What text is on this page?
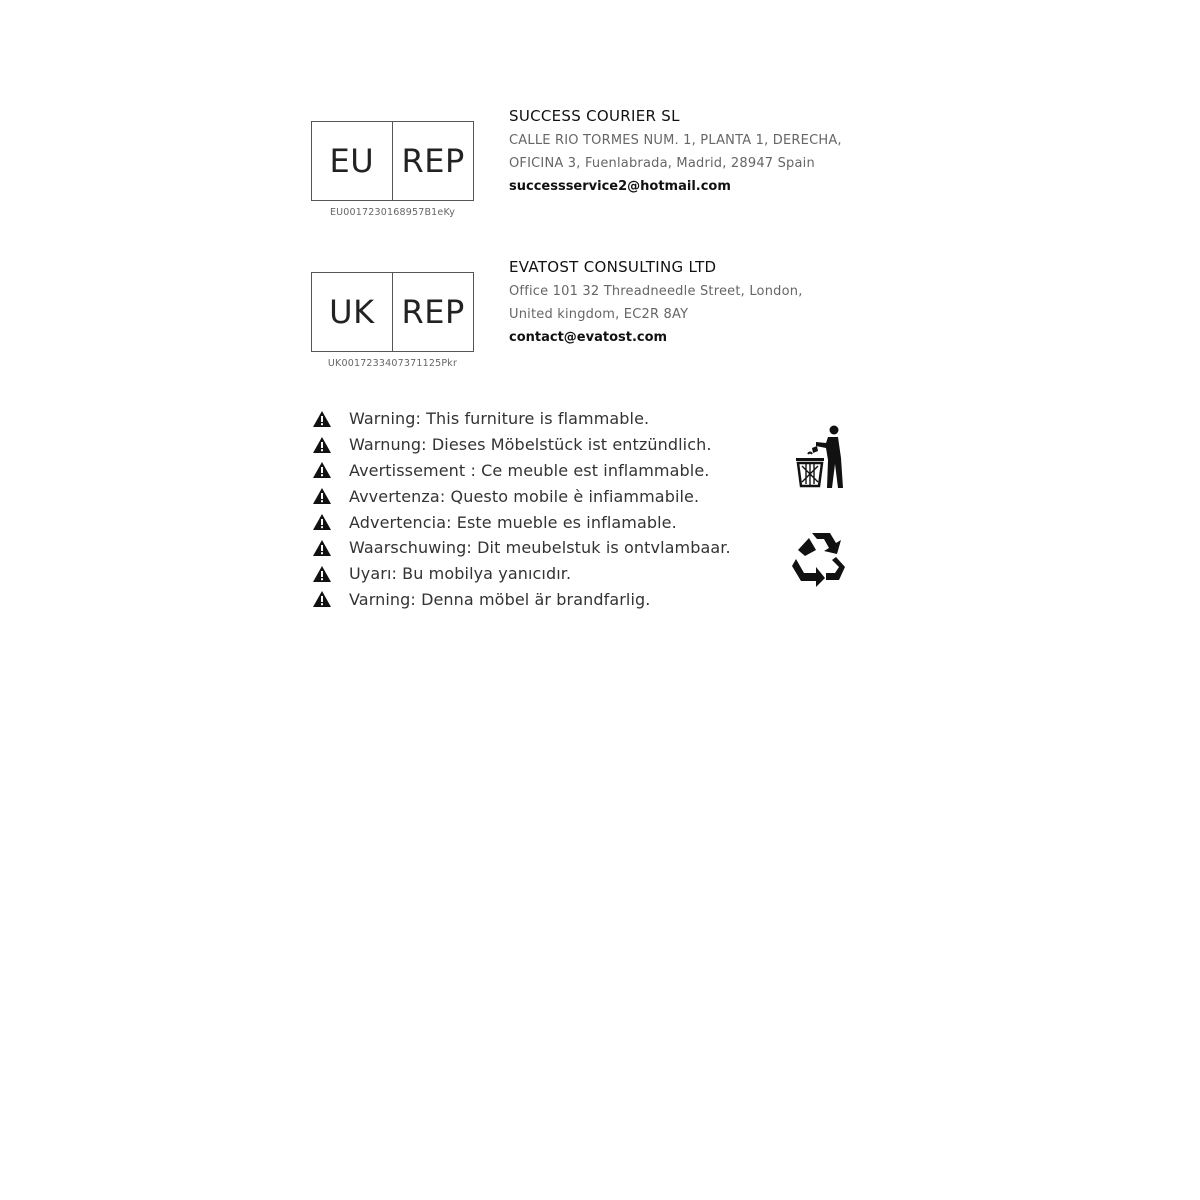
EU REP
EU0017230168957B1eKy
SUCCESS COURIER SL
CALLE RIO TORMES NUM. 1, PLANTA 1, DERECHA,
OFICINA 3, Fuenlabrada, Madrid, 28947 Spain
successservice2@hotmail.com
UK REP
UK0017233407371125Pkr
EVATOST CONSULTING LTD
Office 101 32 Threadneedle Street, London,
United kingdom, EC2R 8AY
contact@evatost.com
Warning: This furniture is flammable.
Warnung: Dieses Möbelstück ist entzündlich.
Avertissement : Ce meuble est inflammable.
Avvertenza: Questo mobile è infiammabile.
Advertencia: Este mueble es inflamable.
Waarschuwing: Dit meubelstuk is ontvlambaar.
Uyarı: Bu mobilya yanıcıdır.
Varning: Denna möbel är brandfarlig.
